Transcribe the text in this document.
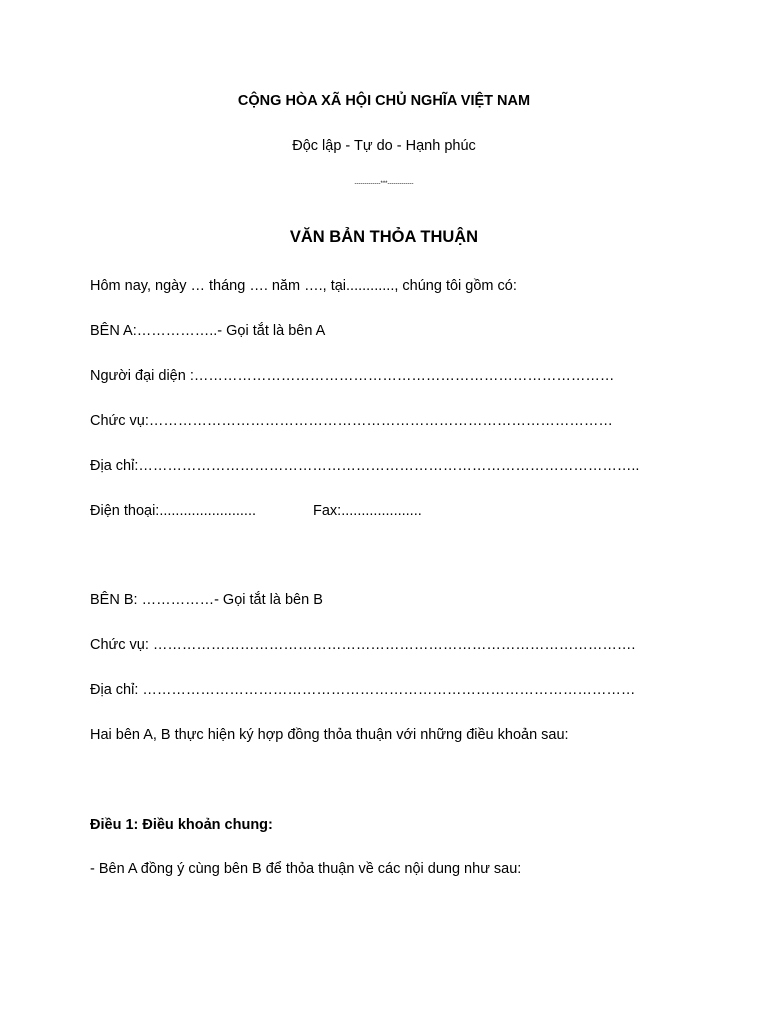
CỘNG HÒA XÃ HỘI CHỦ NGHĨA VIỆT NAM
Độc lập - Tự do - Hạnh phúc
-------------***-------------
VĂN BẢN THỎA THUẬN
Hôm nay, ngày … tháng …. năm …., tại............, chúng tôi gồm có:
BÊN A:……………..- Gọi tắt là bên A
Người đại diện :……………………………………………………………………………
Chức vụ:……………………………………………………………………………………
Địa chỉ:…………………………………………………………………………………………..
Điện thoại:........................	Fax:....................
BÊN B: ……………- Gọi tắt là bên B
Chức vụ: ……………………………………………………………………………………….
Địa chỉ: …………………………………………………………………………………………
Hai bên A, B thực hiện ký hợp đồng thỏa thuận với những điều khoản sau:
Điều 1: Điều khoản chung:
- Bên A đồng ý cùng bên B để thỏa thuận về các nội dung như sau:
